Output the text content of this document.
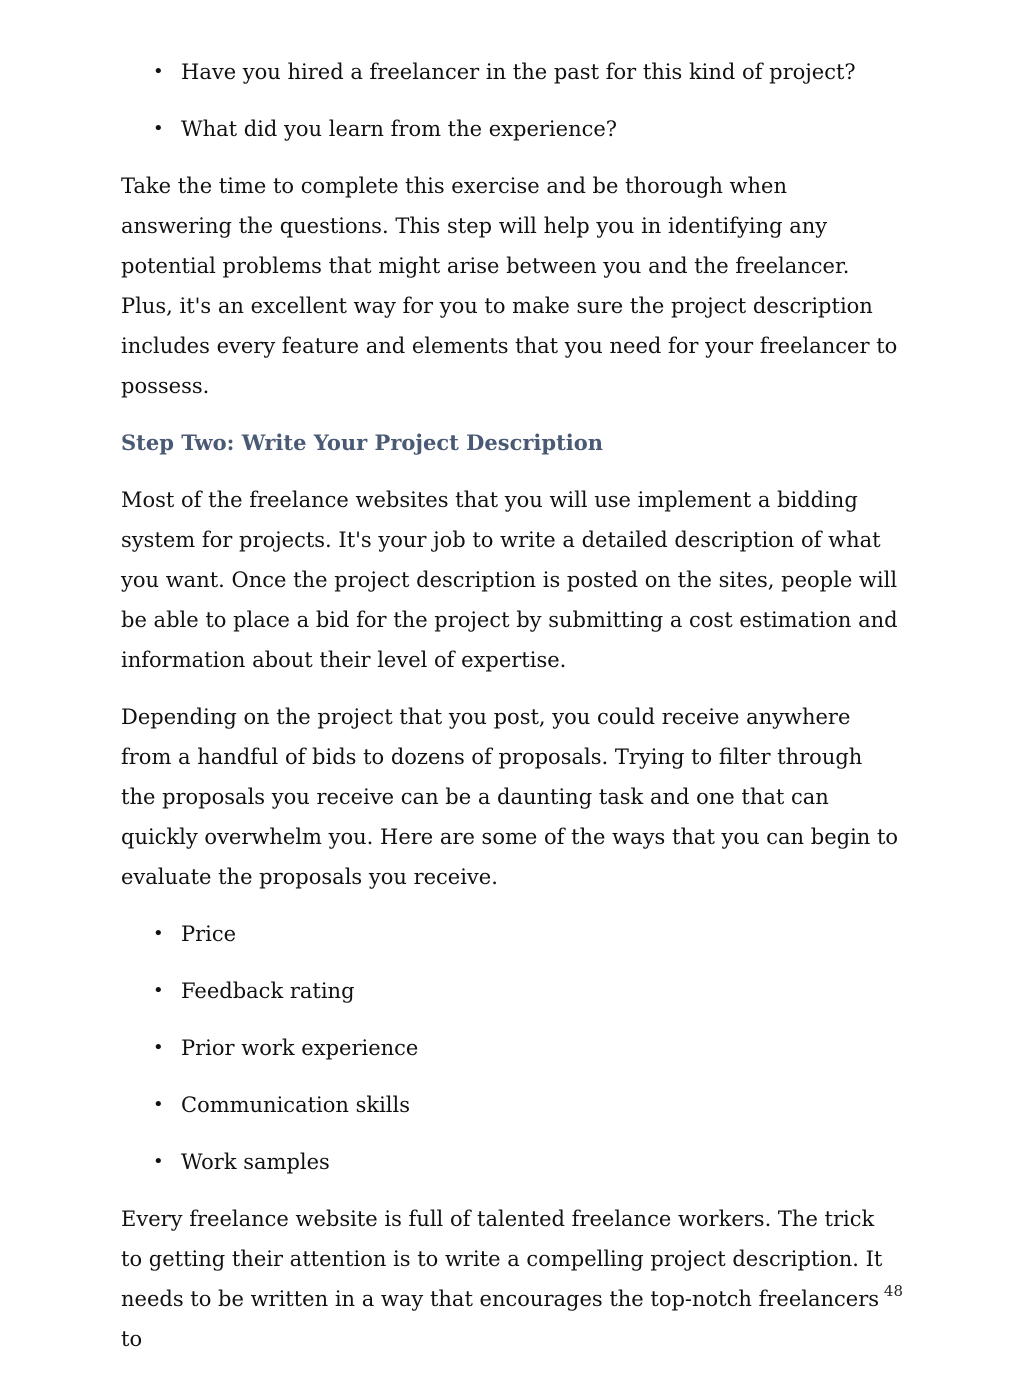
• Have you hired a freelancer in the past for this kind of project?
• What did you learn from the experience?

Take the time to complete this exercise and be thorough when answering the questions. This step will help you in identifying any potential problems that might arise between you and the freelancer. Plus, it's an excellent way for you to make sure the project description includes every feature and elements that you need for your freelancer to possess.

Step Two: Write Your Project Description

Most of the freelance websites that you will use implement a bidding system for projects. It's your job to write a detailed description of what you want. Once the project description is posted on the sites, people will be able to place a bid for the project by submitting a cost estimation and information about their level of expertise.

Depending on the project that you post, you could receive anywhere from a handful of bids to dozens of proposals. Trying to filter through the proposals you receive can be a daunting task and one that can quickly overwhelm you. Here are some of the ways that you can begin to evaluate the proposals you receive.

• Price
• Feedback rating
• Prior work experience
• Communication skills
• Work samples

Every freelance website is full of talented freelance workers. The trick to getting their attention is to write a compelling project description. It needs to be written in a way that encourages the top-notch freelancers to

48
